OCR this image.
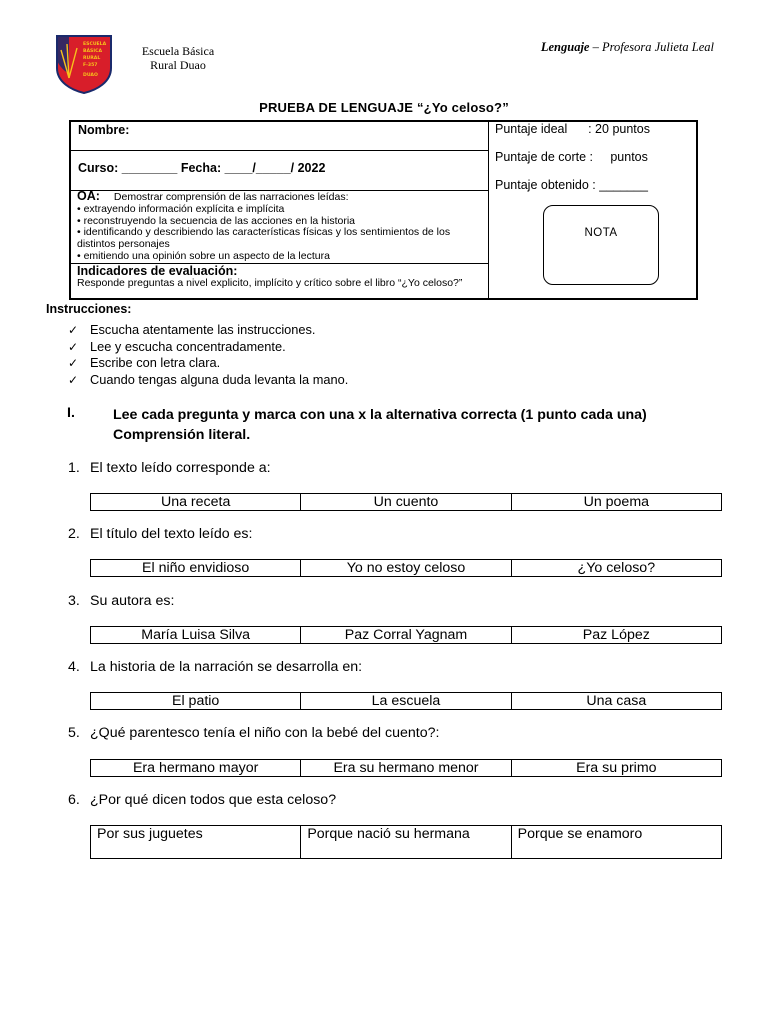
ESCUELA
BÁSICA
RURAL
F-357
DUAO
Escuela Básica
Rural Duao
Lenguaje – Profesora Julieta Leal
PRUEBA DE LENGUAJE “¿Yo celoso?”
Nombre:
Curso: ________ Fecha: ____/_____/ 2022
OA: Demostrar comprensión de las narraciones leídas:
• extrayendo información explícita e implícita
• reconstruyendo la secuencia de las acciones en la historia
• identificando y describiendo las características físicas y los sentimientos de los distintos personajes
• emitiendo una opinión sobre un aspecto de la lectura
Indicadores de evaluación:
Responde preguntas a nivel explicito, implícito y crítico sobre el libro “¿Yo celoso?”
Puntaje ideal      : 20 puntos
Puntaje de corte :     puntos
Puntaje obtenido : _______
NOTA
Instrucciones:
✓ Escucha atentamente las instrucciones.
✓ Lee y escucha concentradamente.
✓ Escribe con letra clara.
✓ Cuando tengas alguna duda levanta la mano.
I.	Lee cada pregunta y marca con una x la alternativa correcta (1 punto cada una) Comprensión literal.
1. El texto leído corresponde a:
Una receta	Un cuento	Un poema
2. El título del texto leído es:
El niño envidioso	Yo no estoy celoso	¿Yo celoso?
3. Su autora es:
María Luisa Silva	Paz Corral Yagnam	Paz López
4. La historia de la narración se desarrolla en:
El patio	La escuela	Una casa
5. ¿Qué parentesco tenía el niño con la bebé del cuento?:
Era hermano mayor	Era su hermano menor	Era su primo
6. ¿Por qué dicen todos que esta celoso?
Por sus juguetes	Porque nació su hermana	Porque se enamoro
